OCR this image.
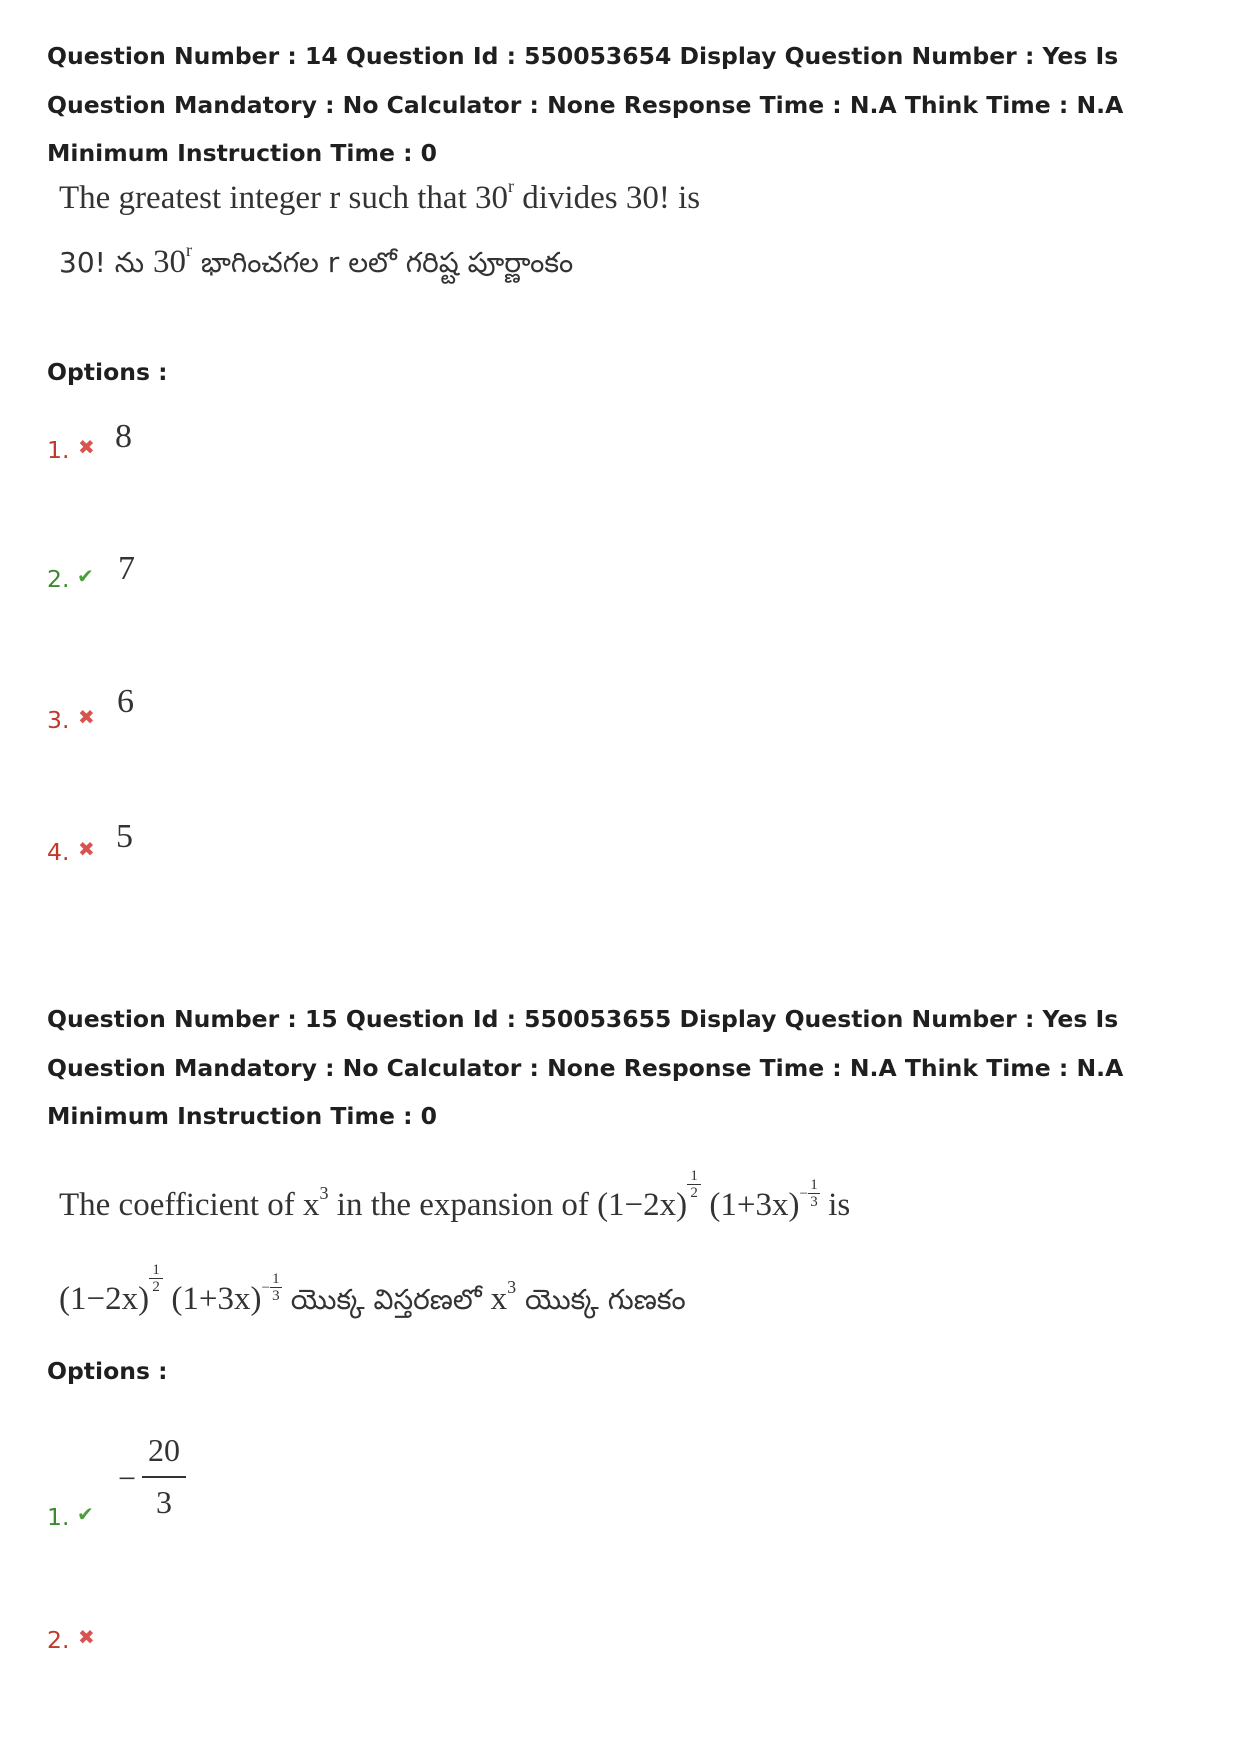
Question Number : 14 Question Id : 550053654 Display Question Number : Yes Is Question Mandatory : No Calculator : None Response Time : N.A Think Time : N.A Minimum Instruction Time : 0
The greatest integer r such that 30$^r$ divides 30! is
30! ను 30$^r$ భాగించగల r లలో గరిష్ట పూర్ణాంకం
Options :
1. ✖ 8
2. ✔ 7
3. ✖ 6
4. ✖ 5
Question Number : 15 Question Id : 550053655 Display Question Number : Yes Is Question Mandatory : No Calculator : None Response Time : N.A Think Time : N.A Minimum Instruction Time : 0
The coefficient of $x^3$ in the expansion of (1−2x)
$\frac{1}{2}$
$(1+3x)- \frac{1}{3}$ is
(1−2x)
$\frac{1}{2}$
$(1+3x)- \frac{1}{3}$ యొక్క విస్తరణలో $x^3$ యొక్క గుణకం
Options :
1. ✔
−
20
3
2. ✖
